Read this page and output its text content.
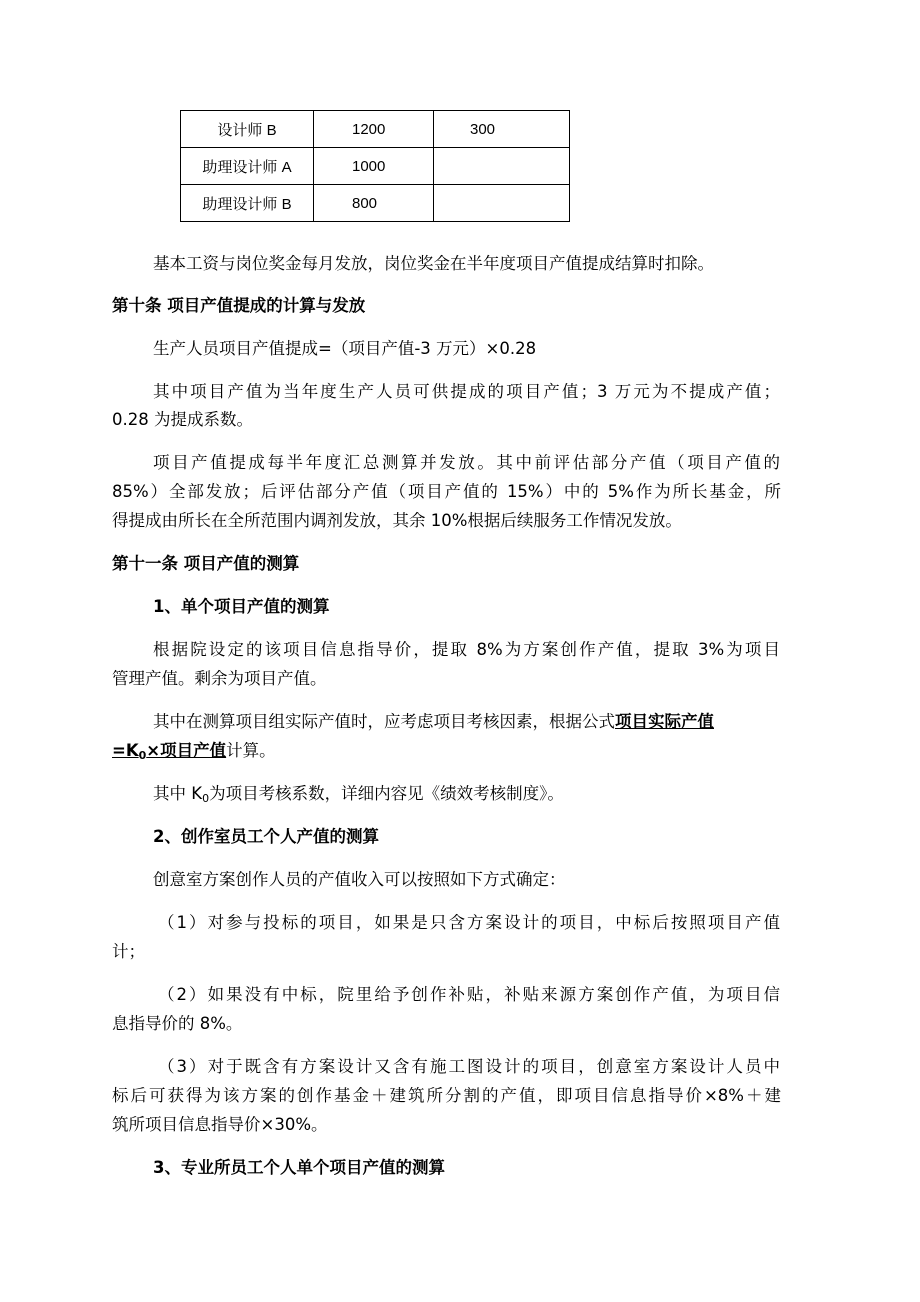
设计师 B	1200	300
助理设计师 A	1000	
助理设计师 B	800	
基本工资与岗位奖金每月发放，岗位奖金在半年度项目产值提成结算时扣除。
第十条 项目产值提成的计算与发放
生产人员项目产值提成=（项目产值-3 万元）×0.28
其中项目产值为当年度生产人员可供提成的项目产值；3 万元为不提成产值；
0.28 为提成系数。
项目产值提成每半年度汇总测算并发放。其中前评估部分产值（项目产值的
85%）全部发放；后评估部分产值（项目产值的 15%）中的 5%作为所长基金，所
得提成由所长在全所范围内调剂发放，其余 10%根据后续服务工作情况发放。
第十一条 项目产值的测算
1、单个项目产值的测算
根据院设定的该项目信息指导价，提取 8%为方案创作产值，提取 3%为项目
管理产值。剩余为项目产值。
其中在测算项目组实际产值时，应考虑项目考核因素，根据公式项目实际产值
$=K_0\times$项目产值计算。
其中 $K_0$为项目考核系数，详细内容见《绩效考核制度》。
2、创作室员工个人产值的测算
创意室方案创作人员的产值收入可以按照如下方式确定：
（1）对参与投标的项目，如果是只含方案设计的项目，中标后按照项目产值
计；
（2）如果没有中标，院里给予创作补贴，补贴来源方案创作产值，为项目信
息指导价的 8%。
（3）对于既含有方案设计又含有施工图设计的项目，创意室方案设计人员中
标后可获得为该方案的创作基金＋建筑所分割的产值，即项目信息指导价×8%＋建
筑所项目信息指导价×30%。
3、专业所员工个人单个项目产值的测算
